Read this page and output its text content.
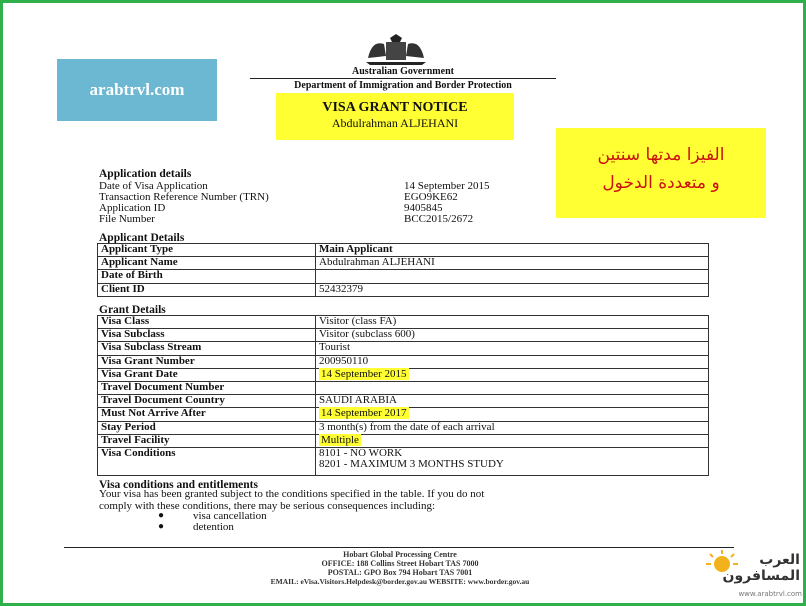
arabtrvl.com
Australian Government
Department of Immigration and Border Protection
VISA GRANT NOTICE
Abdulrahman ALJEHANI
الفيزا مدتها سنتين
و متعددة الدخول
Application details
Date of Visa Application	14 September 2015
Transaction Reference Number (TRN)	EGO9KE62
Application ID	9405845
File Number	BCC2015/2672
Applicant Details
Applicant Type	Main Applicant
Applicant Name	Abdulrahman ALJEHANI
Date of Birth	
Client ID	52432379
Grant Details
Visa Class	Visitor (class FA)
Visa Subclass	Visitor (subclass 600)
Visa Subclass Stream	Tourist
Visa Grant Number	200950110
Visa Grant Date	14 September 2015
Travel Document Number	
Travel Document Country	SAUDI ARABIA
Must Not Arrive After	14 September 2017
Stay Period	3 month(s) from the date of each arrival
Travel Facility	Multiple
Visa Conditions	8101 - NO WORK
8201 - MAXIMUM 3 MONTHS STUDY
Visa conditions and entitlements
Your visa has been granted subject to the conditions specified in the table. If you do not
comply with these conditions, there may be serious consequences including:
●	visa cancellation
●	detention
Hobart Global Processing Centre
OFFICE: 188 Collins Street Hobart TAS 7000
POSTAL: GPO Box 794 Hobart TAS 7001
EMAIL: eVisa.Visitors.Helpdesk@border.gov.au WEBSITE: www.border.gov.au
العرب
المسافرون
www.arabtrvl.com
